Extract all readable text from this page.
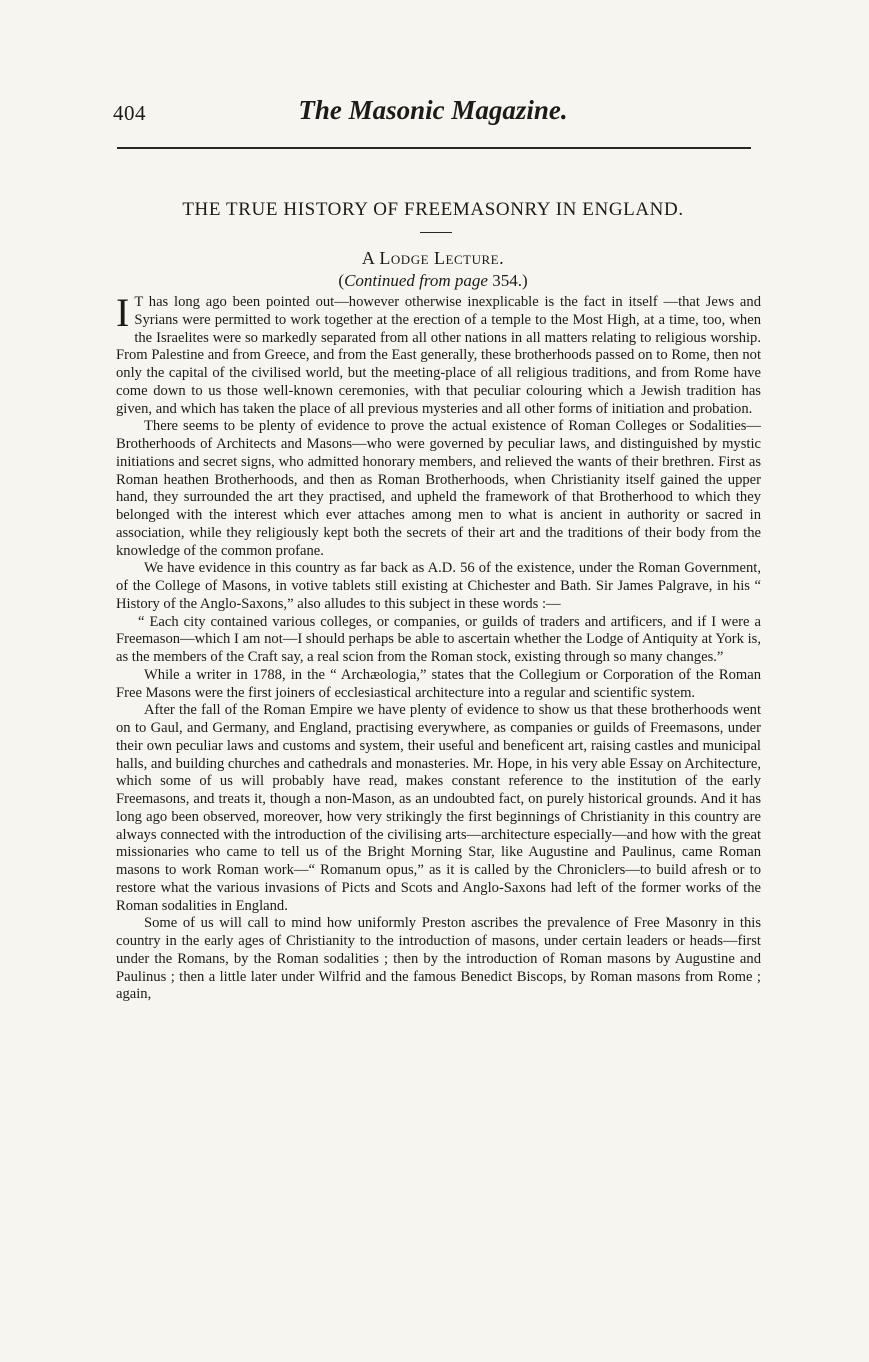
404	The Masonic Magazine.
THE TRUE HISTORY OF FREEMASONRY IN ENGLAND.
A Lodge Lecture.
(Continued from page 354.)

I T has long ago been pointed out—however otherwise inexplicable is the fact in itself —that Jews and Syrians were permitted to work together at the erection of a temple to the Most High, at a time, too, when the Israelites were so markedly separated from all other nations in all matters relating to religious worship. From Palestine and from Greece, and from the East generally, these brotherhoods passed on to Rome, then not only the capital of the civilised world, but the meeting-place of all religious traditions, and from Rome have come down to us those well-known ceremonies, with that peculiar colouring which a Jewish tradition has given, and which has taken the place of all previous mysteries and all other forms of initiation and probation.

There seems to be plenty of evidence to prove the actual existence of Roman Colleges or Sodalities—Brotherhoods of Architects and Masons—who were governed by peculiar laws, and distinguished by mystic initiations and secret signs, who admitted honorary members, and relieved the wants of their brethren. First as Roman heathen Brotherhoods, and then as Roman Brotherhoods, when Christianity itself gained the upper hand, they surrounded the art they practised, and upheld the framework of that Brotherhood to which they belonged with the interest which ever attaches among men to what is ancient in authority or sacred in association, while they religiously kept both the secrets of their art and the traditions of their body from the knowledge of the common profane.

We have evidence in this country as far back as A.D. 56 of the existence, under the Roman Government, of the College of Masons, in votive tablets still existing at Chichester and Bath. Sir James Palgrave, in his “ History of the Anglo-Saxons,” also alludes to this subject in these words :—

“ Each city contained various colleges, or companies, or guilds of traders and artificers, and if I were a Freemason—which I am not—I should perhaps be able to ascertain whether the Lodge of Antiquity at York is, as the members of the Craft say, a real scion from the Roman stock, existing through so many changes.”

While a writer in 1788, in the “ Archæologia,” states that the Collegium or Corporation of the Roman Free Masons were the first joiners of ecclesiastical architecture into a regular and scientific system.

After the fall of the Roman Empire we have plenty of evidence to show us that these brotherhoods went on to Gaul, and Germany, and England, practising everywhere, as companies or guilds of Freemasons, under their own peculiar laws and customs and system, their useful and beneficent art, raising castles and municipal halls, and building churches and cathedrals and monasteries. Mr. Hope, in his very able Essay on Architecture, which some of us will probably have read, makes constant reference to the institution of the early Freemasons, and treats it, though a non-Mason, as an undoubted fact, on purely historical grounds. And it has long ago been observed, moreover, how very strikingly the first beginnings of Christianity in this country are always connected with the introduction of the civilising arts—architecture especially—and how with the great missionaries who came to tell us of the Bright Morning Star, like Augustine and Paulinus, came Roman masons to work Roman work—“ Romanum opus,” as it is called by the Chroniclers—to build afresh or to restore what the various invasions of Picts and Scots and Anglo-Saxons had left of the former works of the Roman sodalities in England.

Some of us will call to mind how uniformly Preston ascribes the prevalence of Free Masonry in this country in the early ages of Christianity to the introduction of masons, under certain leaders or heads—first under the Romans, by the Roman sodalities ; then by the introduction of Roman masons by Augustine and Paulinus ; then a little later under Wilfrid and the famous Benedict Biscops, by Roman masons from Rome ; again,
